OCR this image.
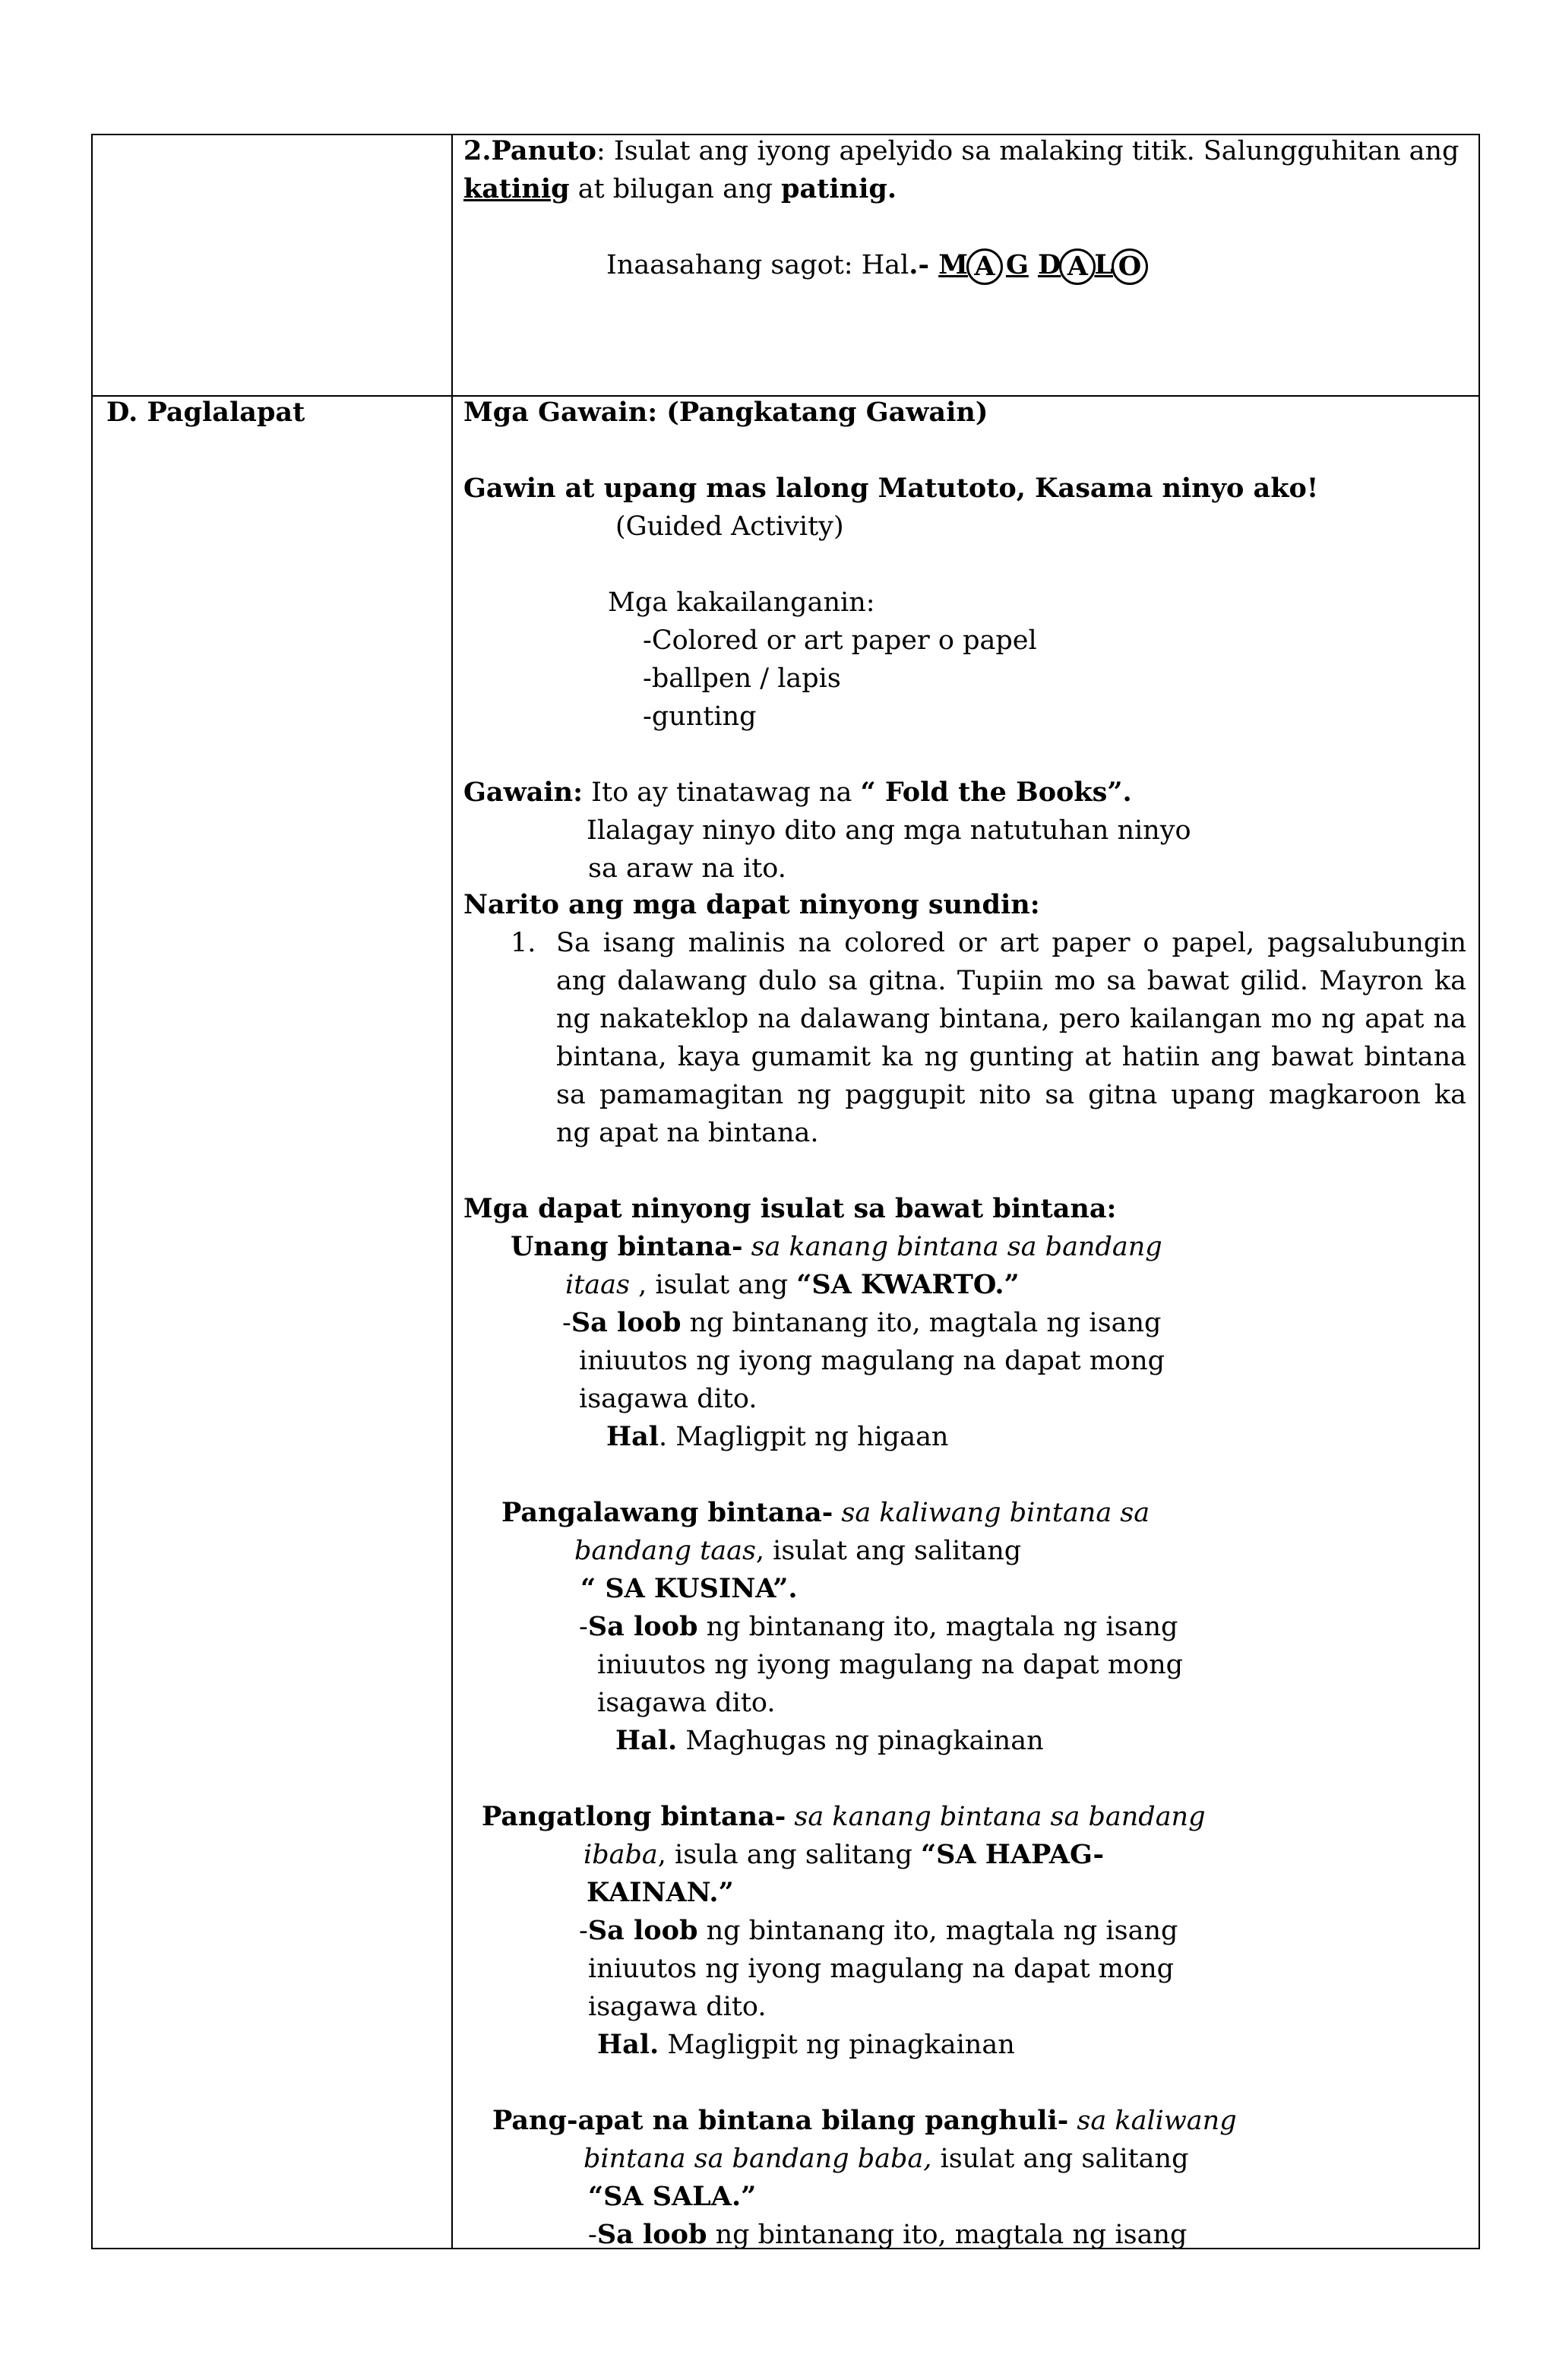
2.Panuto: Isulat ang iyong apelyido sa malaking titik. Salungguhitan ang
katinig at bilugan ang patinig.
Inaasahang sagot: Hal.- M A G D A L O
D. Paglalapat	Mga Gawain: (Pangkatang Gawain)
Gawin at upang mas lalong Matutoto, Kasama ninyo ako!
(Guided Activity)
Mga kakailanganin:
-Colored or art paper o papel
-ballpen / lapis
-gunting
Gawain: Ito ay tinatawag na “ Fold the Books”.
Ilalagay ninyo dito ang mga natutuhan ninyo
sa araw na ito.
Narito ang mga dapat ninyong sundin:
1. Sa isang malinis na colored or art paper o papel, pagsalubungin
ang dalawang dulo sa gitna. Tupiin mo sa bawat gilid. Mayron ka
ng nakateklop na dalawang bintana, pero kailangan mo ng apat na
bintana, kaya gumamit ka ng gunting at hatiin ang bawat bintana
sa pamamagitan ng paggupit nito sa gitna upang magkaroon ka
ng apat na bintana.
Mga dapat ninyong isulat sa bawat bintana:
Unang bintana- sa kanang bintana sa bandang
itaas , isulat ang “SA KWARTO.”
-Sa loob ng bintanang ito, magtala ng isang
iniuutos ng iyong magulang na dapat mong
isagawa dito.
Hal. Magligpit ng higaan
Pangalawang bintana- sa kaliwang bintana sa
bandang taas, isulat ang salitang
“ SA KUSINA”.
-Sa loob ng bintanang ito, magtala ng isang
iniuutos ng iyong magulang na dapat mong
isagawa dito.
Hal. Maghugas ng pinagkainan
Pangatlong bintana- sa kanang bintana sa bandang
ibaba, isula ang salitang “SA HAPAG-
KAINAN.”
-Sa loob ng bintanang ito, magtala ng isang
iniuutos ng iyong magulang na dapat mong
isagawa dito.
Hal. Magligpit ng pinagkainan
Pang-apat na bintana bilang panghuli- sa kaliwang
bintana sa bandang baba, isulat ang salitang
“SA SALA.”
-Sa loob ng bintanang ito, magtala ng isang
